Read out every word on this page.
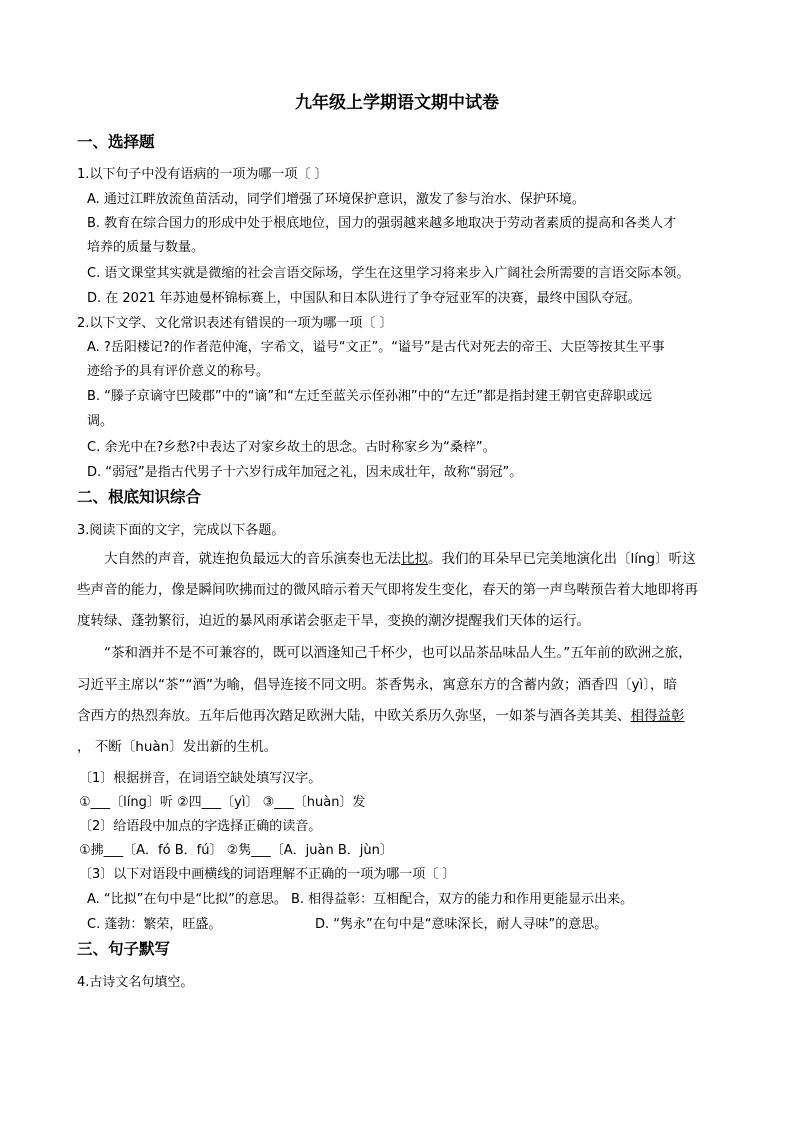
九年级上学期语文期中试卷
一、选择题
1.以下句子中没有语病的一项为哪一项〔 〕
A. 通过江畔放流鱼苗活动，同学们增强了环境保护意识，激发了参与治水、保护环境。
B. 教育在综合国力的形成中处于根底地位，国力的强弱越来越多地取决于劳动者素质的提高和各类人才
培养的质量与数量。
C. 语文课堂其实就是微缩的社会言语交际场，学生在这里学习将来步入广阔社会所需要的言语交际本领。
D. 在 2021 年苏迪曼杯锦标赛上，中国队和日本队进行了争夺冠亚军的决赛，最终中国队夺冠。
2.以下文学、文化常识表述有错误的一项为哪一项〔 〕
A. ?岳阳楼记?的作者范仲淹，字希文，谥号“文正”。“谥号”是古代对死去的帝王、大臣等按其生平事
迹给予的具有评价意义的称号。
B. “滕子京谪守巴陵郡”中的“谪”和“左迁至蓝关示侄孙湘”中的“左迁”都是指封建王朝官吏辞职或远
调。
C. 余光中在?乡愁?中表达了对家乡故土的思念。古时称家乡为“桑梓”。
D. “弱冠”是指古代男子十六岁行成年加冠之礼，因未成壮年，故称“弱冠”。
二、根底知识综合
3.阅读下面的文字，完成以下各题。
大自然的声音，就连抱负最远大的音乐演奏也无法比拟。我们的耳朵早已完美地演化出〔líng〕听这
些声音的能力，像是瞬间吹拂而过的微风暗示着天气即将发生变化，春天的第一声鸟啭预告着大地即将再
度转绿、蓬勃繁衍，迫近的暴风雨承诺会驱走干旱，变换的潮汐提醒我们天体的运行。
“茶和酒并不是不可兼容的，既可以酒逢知己千杯少，也可以品茶品味品人生。”五年前的欧洲之旅，
习近平主席以“茶”“酒”为喻，倡导连接不同文明。茶香隽永，寓意东方的含蓄内敛；酒香四〔yì〕，暗
含西方的热烈奔放。五年后他再次踏足欧洲大陆，中欧关系历久弥坚，一如茶与酒各美其美、相得益彰
， 不断〔huàn〕发出新的生机。
〔1〕根据拼音，在词语空缺处填写汉字。
①___〔líng〕听 ②四___〔yì〕 ③___〔huàn〕发
〔2〕给语段中加点的字选择正确的读音。
①拂___〔A．fó B．fú〕 ②隽___〔A．juàn B．jùn〕
〔3〕以下对语段中画横线的词语理解不正确的一项为哪一项〔 〕
A. “比拟”在句中是“比拟”的意思。 B. 相得益彰：互相配合，双方的能力和作用更能显示出来。
C. 蓬勃：繁荣，旺盛。	D. “隽永”在句中是“意味深长，耐人寻味”的意思。
三、句子默写
4.古诗文名句填空。
